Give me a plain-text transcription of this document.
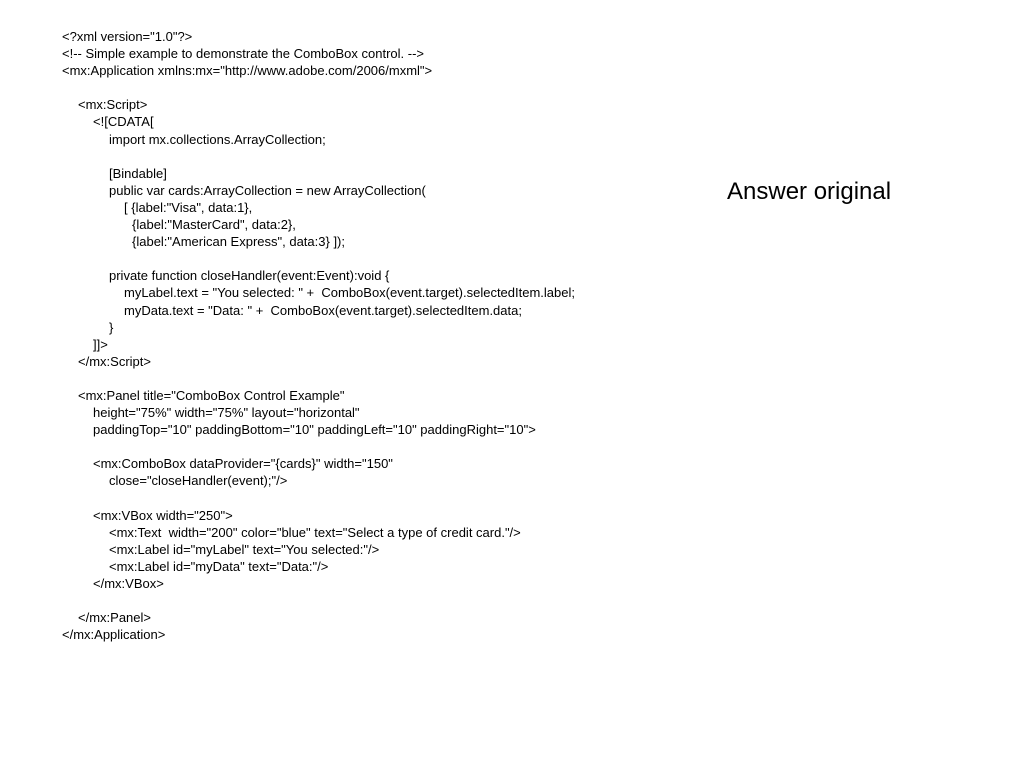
<?xml version="1.0"?>
<!-- Simple example to demonstrate the ComboBox control. -->
<mx:Application xmlns:mx="http://www.adobe.com/2006/mxml">
<mx:Script>
<![CDATA[
import mx.collections.ArrayCollection;
[Bindable]
public var cards:ArrayCollection = new ArrayCollection(
[ {label:"Visa", data:1},
{label:"MasterCard", data:2},
{label:"American Express", data:3} ]);
private function closeHandler(event:Event):void {
myLabel.text = "You selected: " +  ComboBox(event.target).selectedItem.label;
myData.text = "Data: " +  ComboBox(event.target).selectedItem.data;
}
]]>
</mx:Script>
<mx:Panel title="ComboBox Control Example"
height="75%" width="75%" layout="horizontal"
paddingTop="10" paddingBottom="10" paddingLeft="10" paddingRight="10">
<mx:ComboBox dataProvider="{cards}" width="150"
close="closeHandler(event);"/>
<mx:VBox width="250">
<mx:Text  width="200" color="blue" text="Select a type of credit card."/>
<mx:Label id="myLabel" text="You selected:"/>
<mx:Label id="myData" text="Data:"/>
</mx:VBox>
</mx:Panel>
</mx:Application>
Answer original
